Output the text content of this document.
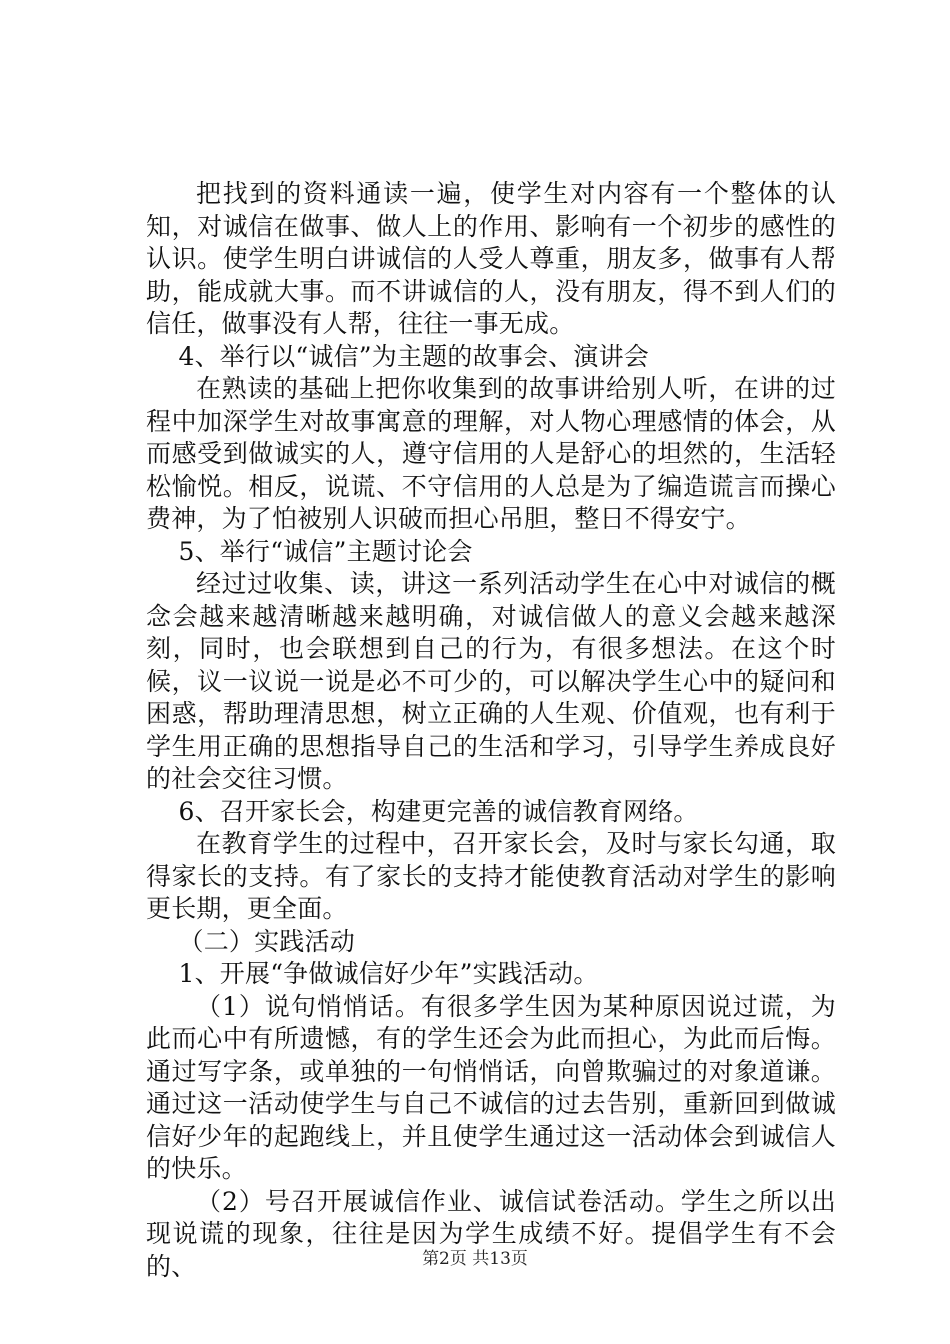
把找到的资料通读一遍，使学生对内容有一个整体的认知，对诚信在做事、做人上的作用、影响有一个初步的感性的认识。使学生明白讲诚信的人受人尊重，朋友多，做事有人帮助，能成就大事。而不讲诚信的人，没有朋友，得不到人们的信任，做事没有人帮，往往一事无成。

4、举行以“诚信”为主题的故事会、演讲会

在熟读的基础上把你收集到的故事讲给别人听，在讲的过程中加深学生对故事寓意的理解，对人物心理感情的体会，从而感受到做诚实的人，遵守信用的人是舒心的坦然的，生活轻松愉悦。相反，说谎、不守信用的人总是为了编造谎言而操心费神，为了怕被别人识破而担心吊胆，整日不得安宁。

5、举行“诚信”主题讨论会

经过过收集、读，讲这一系列活动学生在心中对诚信的概念会越来越清晰越来越明确，对诚信做人的意义会越来越深刻，同时，也会联想到自己的行为，有很多想法。在这个时候，议一议说一说是必不可少的，可以解决学生心中的疑问和困惑，帮助理清思想，树立正确的人生观、价值观，也有利于学生用正确的思想指导自己的生活和学习，引导学生养成良好的社会交往习惯。

6、召开家长会，构建更完善的诚信教育网络。

在教育学生的过程中，召开家长会，及时与家长勾通，取得家长的支持。有了家长的支持才能使教育活动对学生的影响更长期，更全面。

（二）实践活动

1、开展“争做诚信好少年”实践活动。

（1）说句悄悄话。有很多学生因为某种原因说过谎，为此而心中有所遗憾，有的学生还会为此而担心，为此而后悔。通过写字条，或单独的一句悄悄话，向曾欺骗过的对象道谦。通过这一活动使学生与自己不诚信的过去告别，重新回到做诚信好少年的起跑线上，并且使学生通过这一活动体会到诚信人的快乐。

（2）号召开展诚信作业、诚信试卷活动。学生之所以出现说谎的现象，往往是因为学生成绩不好。提倡学生有不会的、	第2页 共13页
